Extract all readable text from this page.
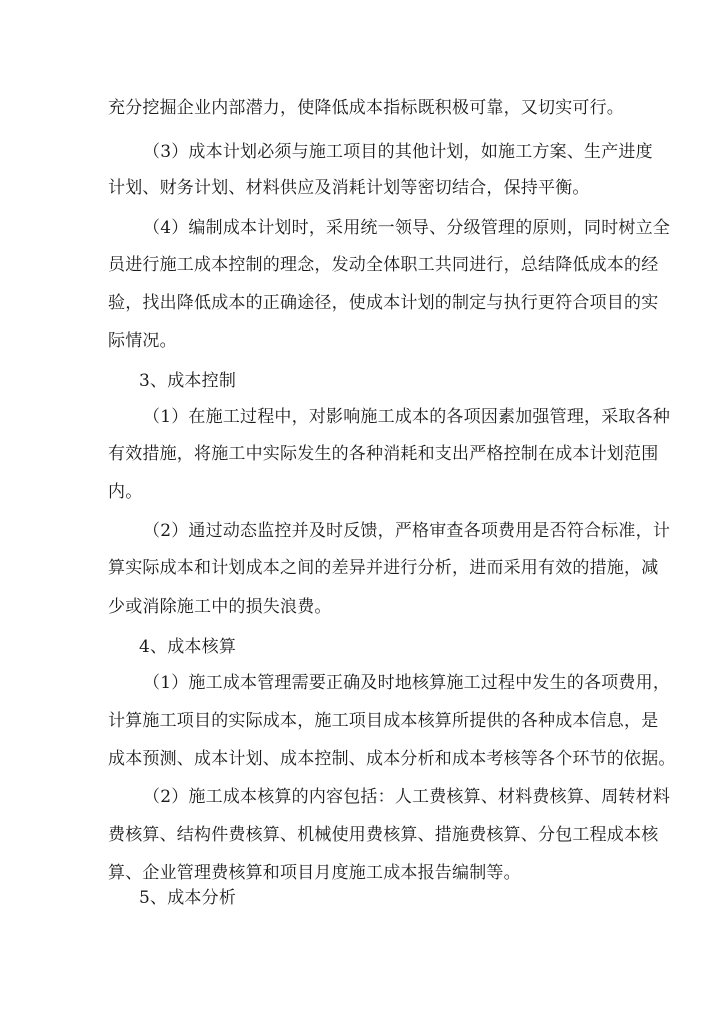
充分挖掘企业内部潜力，使降低成本指标既积极可靠，又切实可行。
（3）成本计划必须与施工项目的其他计划，如施工方案、生产进度
计划、财务计划、材料供应及消耗计划等密切结合，保持平衡。
（4）编制成本计划时，采用统一领导、分级管理的原则，同时树立全
员进行施工成本控制的理念，发动全体职工共同进行，总结降低成本的经
验，找出降低成本的正确途径，使成本计划的制定与执行更符合项目的实
际情况。
3、成本控制
（1）在施工过程中，对影响施工成本的各项因素加强管理，采取各种
有效措施，将施工中实际发生的各种消耗和支出严格控制在成本计划范围
内。
（2）通过动态监控并及时反馈，严格审查各项费用是否符合标准，计
算实际成本和计划成本之间的差异并进行分析，进而采用有效的措施，减
少或消除施工中的损失浪费。
4、成本核算
（1）施工成本管理需要正确及时地核算施工过程中发生的各项费用，
计算施工项目的实际成本，施工项目成本核算所提供的各种成本信息，是
成本预测、成本计划、成本控制、成本分析和成本考核等各个环节的依据。
（2）施工成本核算的内容包括：人工费核算、材料费核算、周转材料
费核算、结构件费核算、机械使用费核算、措施费核算、分包工程成本核
算、企业管理费核算和项目月度施工成本报告编制等。
5、成本分析
